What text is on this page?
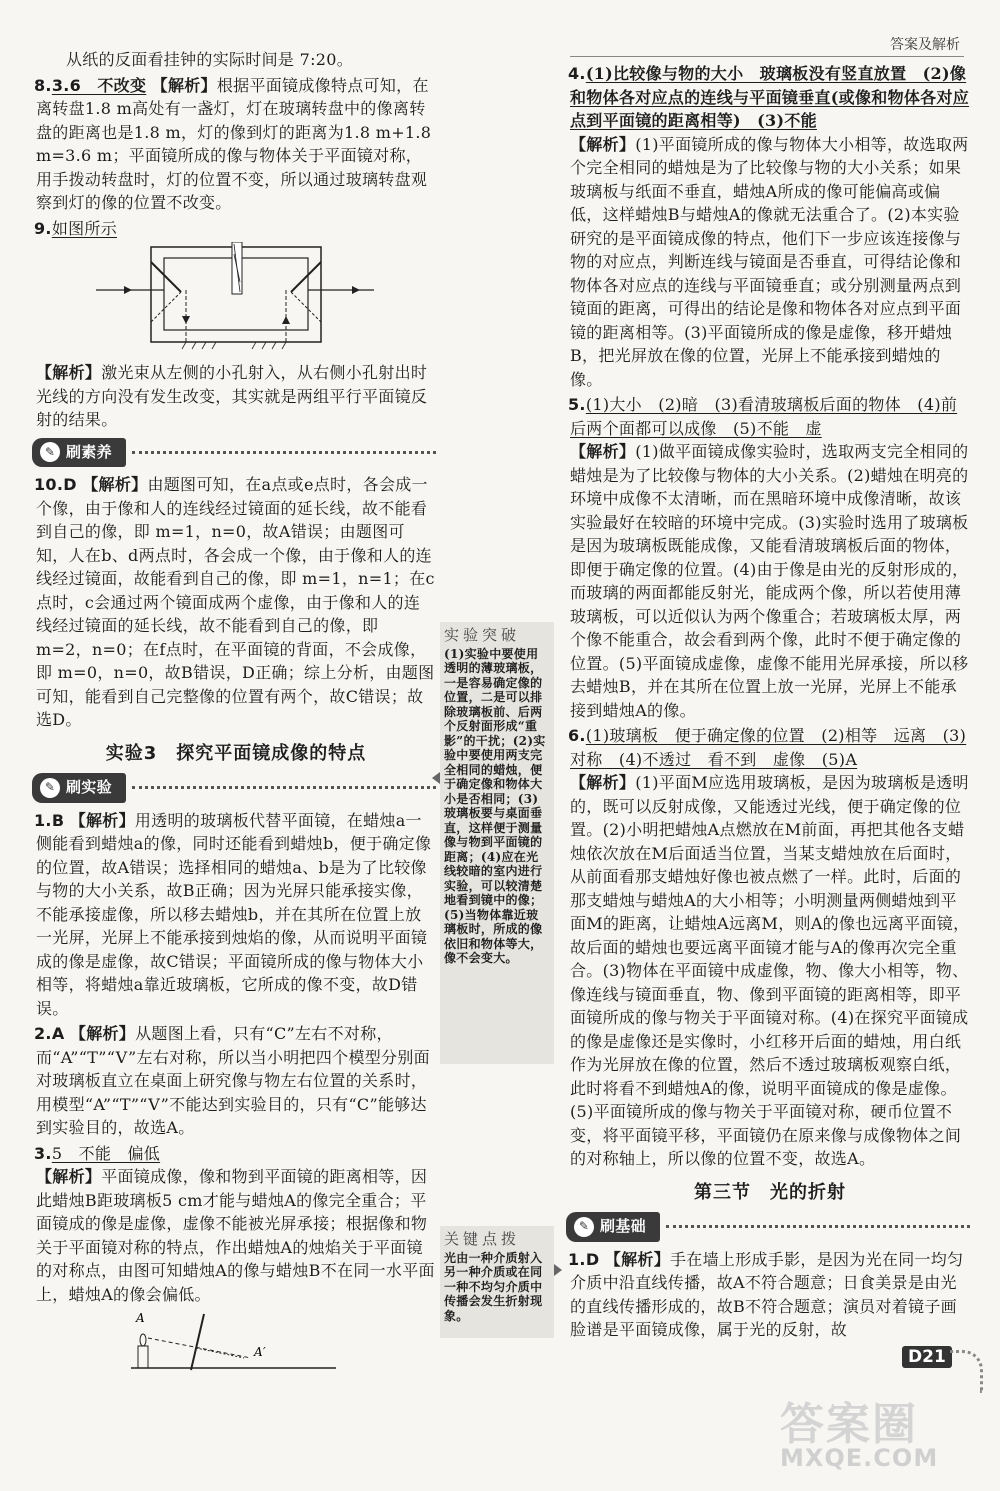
答案及解析

从纸的反面看挂钟的实际时间是 7:20。

8.3.6　不改变 【解析】根据平面镜成像特点可知，在离转盘1.8 m高处有一盏灯，灯在玻璃转盘中的像离转盘的距离也是1.8 m，灯的像到灯的距离为1.8 m+1.8 m=3.6 m；平面镜所成的像与物体关于平面镜对称，用手拨动转盘时，灯的位置不变，所以通过玻璃转盘观察到灯的像的位置不改变。

9.如图所示

【解析】激光束从左侧的小孔射入，从右侧小孔射出时光线的方向没有发生改变，其实就是两组平行平面镜反射的结果。

✎ 刷素养

10.D 【解析】由题图可知，在a点或e点时，各会成一个像，由于像和人的连线经过镜面的延长线，故不能看到自己的像，即 m=1，n=0，故A错误；由题图可知，人在b、d两点时，各会成一个像，由于像和人的连线经过镜面，故能看到自己的像，即 m=1，n=1；在c点时，c会通过两个镜面成两个虚像，由于像和人的连线经过镜面的延长线，故不能看到自己的像，即 m=2，n=0；在f点时，在平面镜的背面，不会成像，即 m=0，n=0，故B错误，D正确；综上分析，由题图可知，能看到自己完整像的位置有两个，故C错误；故选D。

实验3　探究平面镜成像的特点
✎ 刷实验

1.B 【解析】用透明的玻璃板代替平面镜，在蜡烛a一侧能看到蜡烛a的像，同时还能看到蜡烛b，便于确定像的位置，故A错误；选择相同的蜡烛a、b是为了比较像与物的大小关系，故B正确；因为光屏只能承接实像，不能承接虚像，所以移去蜡烛b，并在其所在位置上放一光屏，光屏上不能承接到烛焰的像，从而说明平面镜成的像是虚像，故C错误；平面镜所成的像与物体大小相等，将蜡烛a靠近玻璃板，它所成的像不变，故D错误。

2.A 【解析】从题图上看，只有“C”左右不对称，而“A”“T”“V”左右对称，所以当小明把四个模型分别面对玻璃板直立在桌面上研究像与物左右位置的关系时，用模型“A”“T”“V”不能达到实验目的，只有“C”能够达到实验目的，故选A。

3.5　不能　偏低
【解析】平面镜成像，像和物到平面镜的距离相等，因此蜡烛B距玻璃板5 cm才能与蜡烛A的像完全重合；平面镜成的像是虚像，虚像不能被光屏承接；根据像和物关于平面镜对称的特点，作出蜡烛A的烛焰关于平面镜的对称点，由图可知蜡烛A的像与蜡烛B不在同一水平面上，蜡烛A的像会偏低。

A
A′
实验突破
(1)实验中要使用透明的薄玻璃板，一是容易确定像的位置，二是可以排除玻璃板前、后两个反射面形成“重影”的干扰；(2)实验中要使用两支完全相同的蜡烛，便于确定像和物体大小是否相同；(3)玻璃板要与桌面垂直，这样便于测量像与物到平面镜的距离；(4)应在光线较暗的室内进行实验，可以较清楚地看到镜中的像；(5)当物体靠近玻璃板时，所成的像依旧和物体等大，像不会变大。
关键点拨
光由一种介质射入另一种介质或在同一种不均匀介质中传播会发生折射现象。

4.(1)比较像与物的大小　玻璃板没有竖直放置　(2)像和物体各对应点的连线与平面镜垂直(或像和物体各对应点到平面镜的距离相等)　(3)不能
【解析】(1)平面镜所成的像与物体大小相等，故选取两个完全相同的蜡烛是为了比较像与物的大小关系；如果玻璃板与纸面不垂直，蜡烛A所成的像可能偏高或偏低，这样蜡烛B与蜡烛A的像就无法重合了。(2)本实验研究的是平面镜成像的特点，他们下一步应该连接像与物的对应点，判断连线与镜面是否垂直，可得结论像和物体各对应点的连线与平面镜垂直；或分别测量两点到镜面的距离，可得出的结论是像和物体各对应点到平面镜的距离相等。(3)平面镜所成的像是虚像，移开蜡烛B，把光屏放在像的位置，光屏上不能承接到蜡烛的像。

5.(1)大小　(2)暗　(3)看清玻璃板后面的物体　(4)前后两个面都可以成像　(5)不能　虚
【解析】(1)做平面镜成像实验时，选取两支完全相同的蜡烛是为了比较像与物体的大小关系。(2)蜡烛在明亮的环境中成像不太清晰，而在黑暗环境中成像清晰，故该实验最好在较暗的环境中完成。(3)实验时选用了玻璃板是因为玻璃板既能成像，又能看清玻璃板后面的物体，即便于确定像的位置。(4)由于像是由光的反射形成的，而玻璃的两面都能反射光，能成两个像，所以若使用薄玻璃板，可以近似认为两个像重合；若玻璃板太厚，两个像不能重合，故会看到两个像，此时不便于确定像的位置。(5)平面镜成虚像，虚像不能用光屏承接，所以移去蜡烛B，并在其所在位置上放一光屏，光屏上不能承接到蜡烛A的像。

6.(1)玻璃板　便于确定像的位置　(2)相等　远离　(3)对称　(4)不透过　看不到　虚像　(5)A
【解析】(1)平面M应选用玻璃板，是因为玻璃板是透明的，既可以反射成像，又能透过光线，便于确定像的位置。(2)小明把蜡烛A点燃放在M前面，再把其他各支蜡烛依次放在M后面适当位置，当某支蜡烛放在后面时，从前面看那支蜡烛好像也被点燃了一样。此时，后面的那支蜡烛与蜡烛A的大小相等；小明测量两侧蜡烛到平面M的距离，让蜡烛A远离M，则A的像也远离平面镜，故后面的蜡烛也要远离平面镜才能与A的像再次完全重合。(3)物体在平面镜中成虚像，物、像大小相等，物、像连线与镜面垂直，物、像到平面镜的距离相等，即平面镜所成的像与物关于平面镜对称。(4)在探究平面镜成的像是虚像还是实像时，小红移开后面的蜡烛，用白纸作为光屏放在像的位置，然后不透过玻璃板观察白纸，此时将看不到蜡烛A的像，说明平面镜成的像是虚像。(5)平面镜所成的像与物关于平面镜对称，硬币位置不变，将平面镜平移，平面镜仍在原来像与成像物体之间的对称轴上，所以像的位置不变，故选A。

第三节　光的折射
✎ 刷基础

1.D 【解析】手在墙上形成手影，是因为光在同一均匀介质中沿直线传播，故A不符合题意；日食美景是由光的直线传播形成的，故B不符合题意；演员对着镜子画脸谱是平面镜成像，属于光的反射，故

D21
答案圈
MXQE.COM
